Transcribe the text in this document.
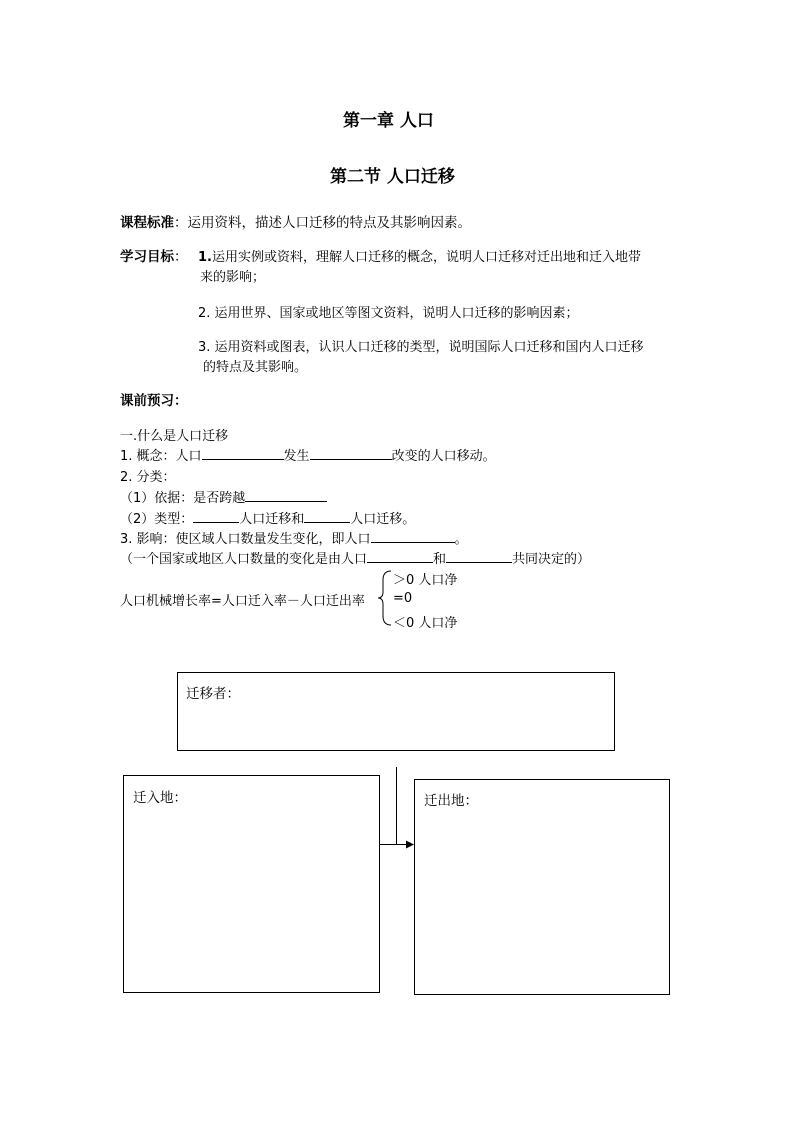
第一章 人口
第二节 人口迁移
课程标准：运用资料，描述人口迁移的特点及其影响因素。
学习目标： 1.运用实例或资料，理解人口迁移的概念，说明人口迁移对迁出地和迁入地带
来的影响；
2. 运用世界、国家或地区等图文资料，说明人口迁移的影响因素；
3. 运用资料或图表，认识人口迁移的类型，说明国际人口迁移和国内人口迁移
的特点及其影响。
课前预习：
一.什么是人口迁移
1. 概念：人口	发生	改变的人口移动。
2. 分类：
（1）依据：是否跨越
（2）类型：	人口迁移和	人口迁移。
3. 影响：使区域人口数量发生变化，即人口	。
（一个国家或地区人口数量的变化是由人口	和	共同决定的）
人口机械增长率=人口迁入率－人口迁出率
＞0 人口净
=0
＜0 人口净
迁移者：
迁入地：	迁出地：
